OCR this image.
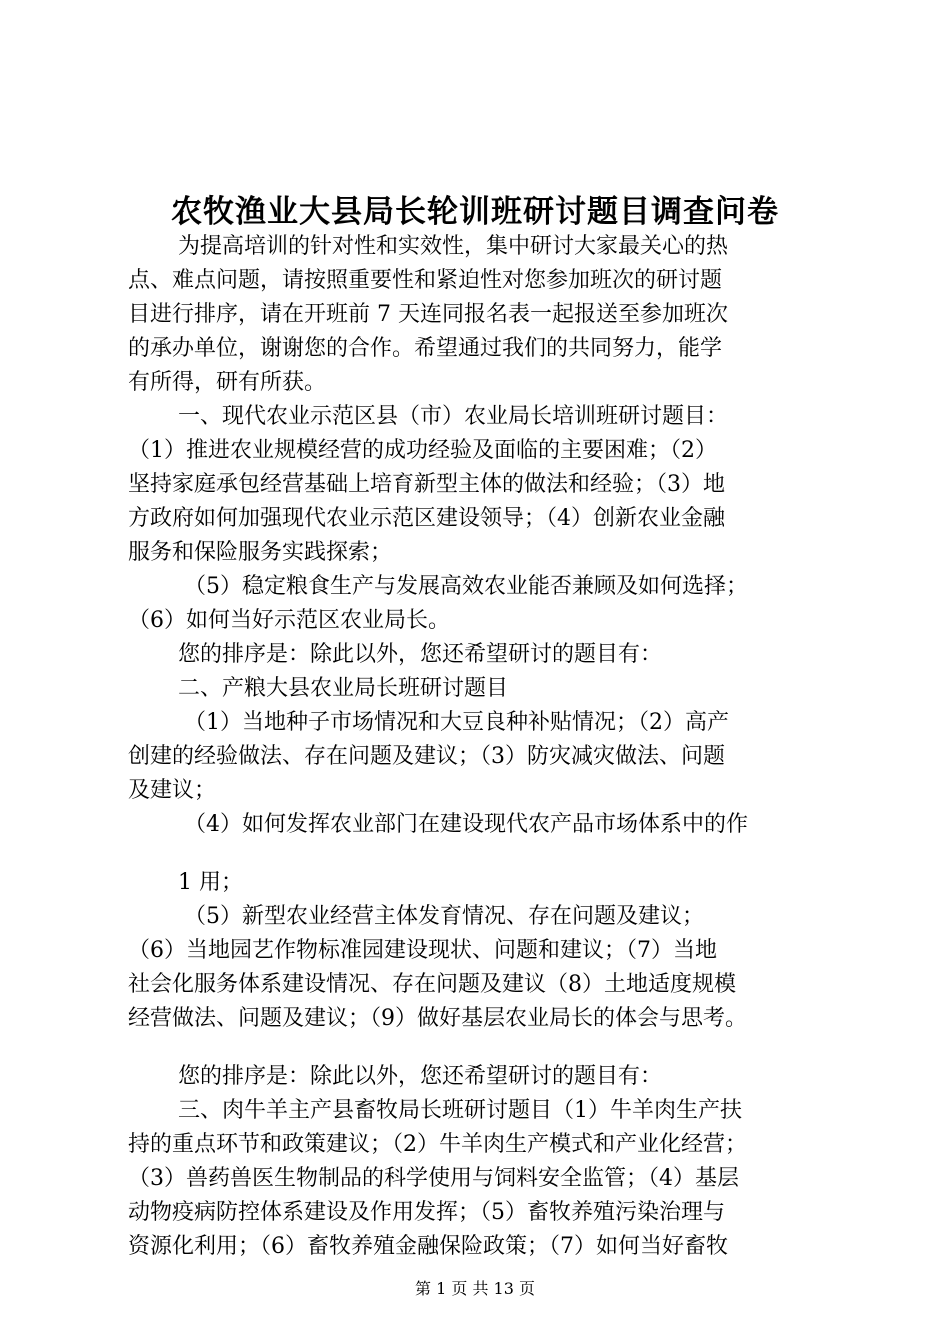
农牧渔业大县局长轮训班研讨题目调查问卷
为提高培训的针对性和实效性，集中研讨大家最关心的热
点、难点问题，请按照重要性和紧迫性对您参加班次的研讨题
目进行排序，请在开班前 7 天连同报名表一起报送至参加班次
的承办单位，谢谢您的合作。希望通过我们的共同努力，能学
有所得，研有所获。
一、现代农业示范区县（市）农业局长培训班研讨题目：
（1）推进农业规模经营的成功经验及面临的主要困难；（2）
坚持家庭承包经营基础上培育新型主体的做法和经验；（3）地
方政府如何加强现代农业示范区建设领导；（4）创新农业金融
服务和保险服务实践探索；
（5）稳定粮食生产与发展高效农业能否兼顾及如何选择；
（6）如何当好示范区农业局长。
您的排序是：除此以外，您还希望研讨的题目有：
二、产粮大县农业局长班研讨题目
（1）当地种子市场情况和大豆良种补贴情况；（2）高产
创建的经验做法、存在问题及建议；（3）防灾减灾做法、问题
及建议；
（4）如何发挥农业部门在建设现代农产品市场体系中的作
1 用；
（5）新型农业经营主体发育情况、存在问题及建议；
（6）当地园艺作物标准园建设现状、问题和建议；（7）当地
社会化服务体系建设情况、存在问题及建议（8）土地适度规模
经营做法、问题及建议；（9）做好基层农业局长的体会与思考。
您的排序是：除此以外，您还希望研讨的题目有：
三、肉牛羊主产县畜牧局长班研讨题目（1）牛羊肉生产扶
持的重点环节和政策建议；（2）牛羊肉生产模式和产业化经营；
（3）兽药兽医生物制品的科学使用与饲料安全监管；（4）基层
动物疫病防控体系建设及作用发挥；（5）畜牧养殖污染治理与
第 1 页 共 13 页
资源化利用；（6）畜牧养殖金融保险政策；（7）如何当好畜牧
